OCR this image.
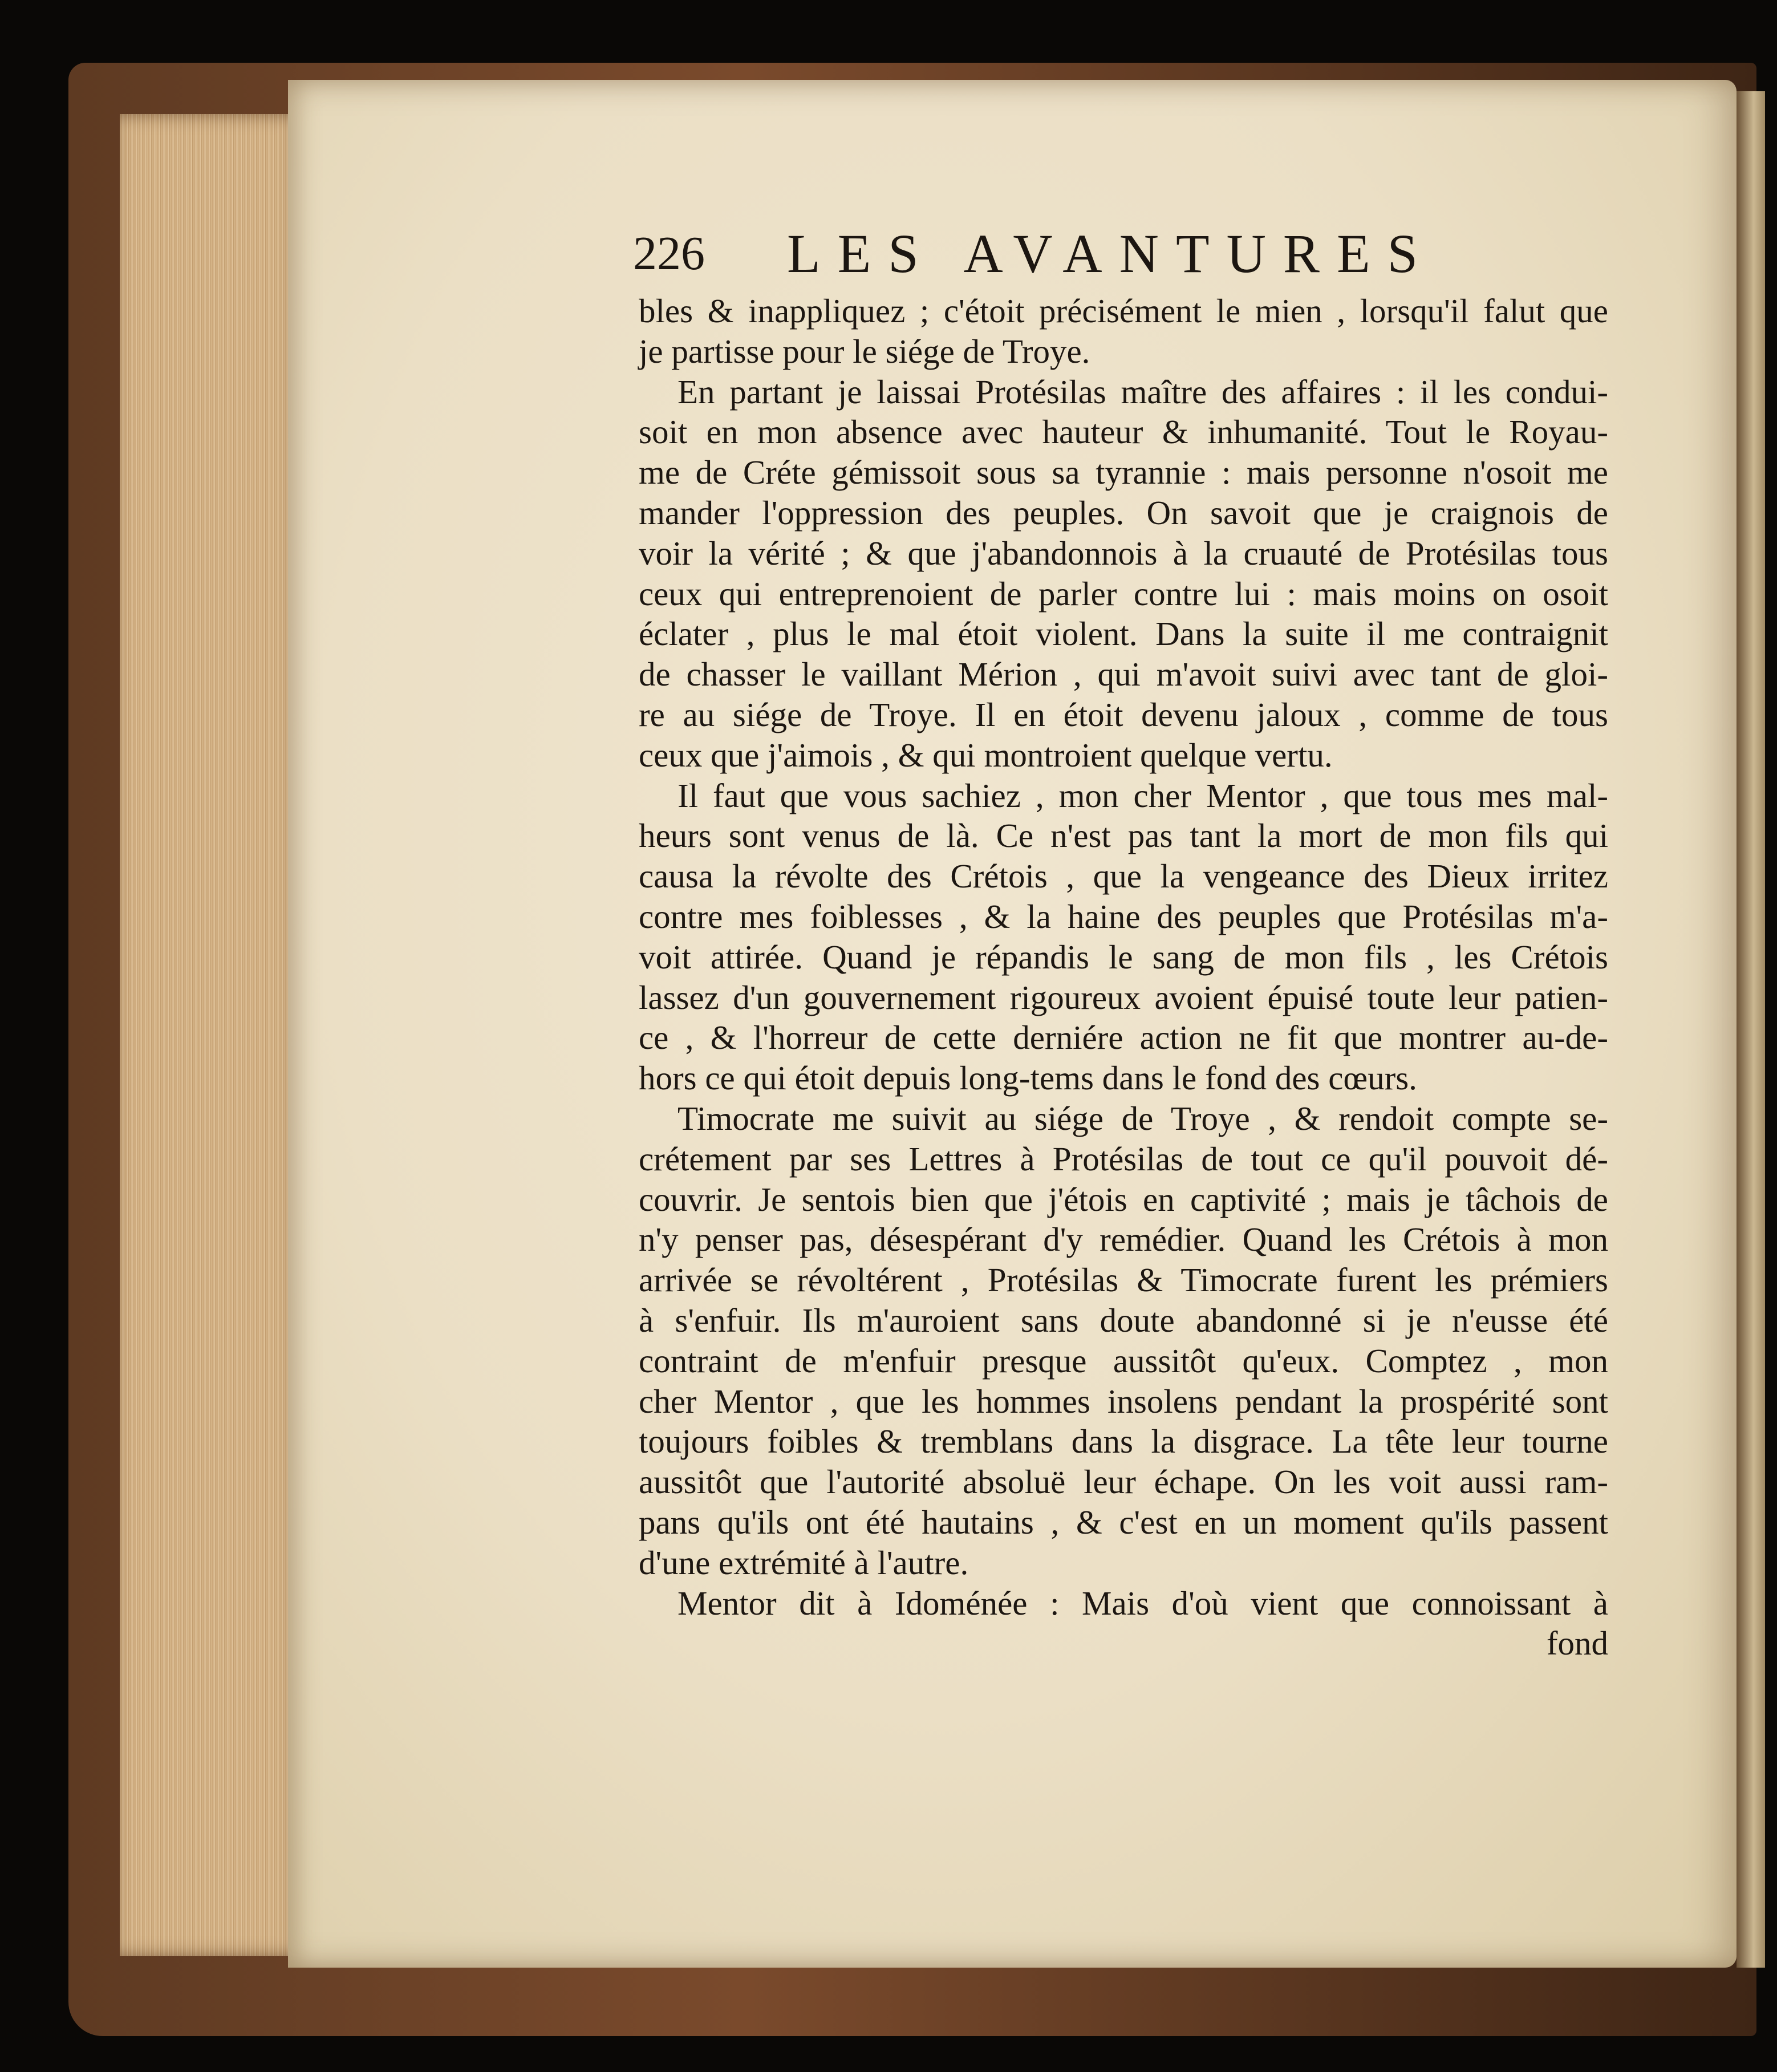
226 LES AVANTURES
bles & inappliquez ; c'étoit précisément le mien , lorsqu'il falut que
je partisse pour le siége de Troye.
En partant je laissai Protésilas maître des affaires : il les condui-
soit en mon absence avec hauteur & inhumanité. Tout le Royau-
me de Créte gémissoit sous sa tyrannie : mais personne n'osoit me
mander l'oppression des peuples. On savoit que je craignois de
voir la vérité ; & que j'abandonnois à la cruauté de Protésilas tous
ceux qui entreprenoient de parler contre lui : mais moins on osoit
éclater , plus le mal étoit violent. Dans la suite il me contraignit
de chasser le vaillant Mérion , qui m'avoit suivi avec tant de gloi-
re au siége de Troye. Il en étoit devenu jaloux , comme de tous
ceux que j'aimois , & qui montroient quelque vertu.
Il faut que vous sachiez , mon cher Mentor , que tous mes mal-
heurs sont venus de là. Ce n'est pas tant la mort de mon fils qui
causa la révolte des Crétois , que la vengeance des Dieux irritez
contre mes foiblesses , & la haine des peuples que Protésilas m'a-
voit attirée. Quand je répandis le sang de mon fils , les Crétois
lassez d'un gouvernement rigoureux avoient épuisé toute leur patien-
ce , & l'horreur de cette derniére action ne fit que montrer au-de-
hors ce qui étoit depuis long-tems dans le fond des cœurs.
Timocrate me suivit au siége de Troye , & rendoit compte se-
crétement par ses Lettres à Protésilas de tout ce qu'il pouvoit dé-
couvrir. Je sentois bien que j'étois en captivité ; mais je tâchois de
n'y penser pas, désespérant d'y remédier. Quand les Crétois à mon
arrivée se révoltérent , Protésilas & Timocrate furent les prémiers
à s'enfuir. Ils m'auroient sans doute abandonné si je n'eusse été
contraint de m'enfuir presque aussitôt qu'eux. Comptez , mon
cher Mentor , que les hommes insolens pendant la prospérité sont
toujours foibles & tremblans dans la disgrace. La tête leur tourne
aussitôt que l'autorité absoluë leur échape. On les voit aussi ram-
pans qu'ils ont été hautains , & c'est en un moment qu'ils passent
d'une extrémité à l'autre.
Mentor dit à Idoménée : Mais d'où vient que connoissant à
fond
